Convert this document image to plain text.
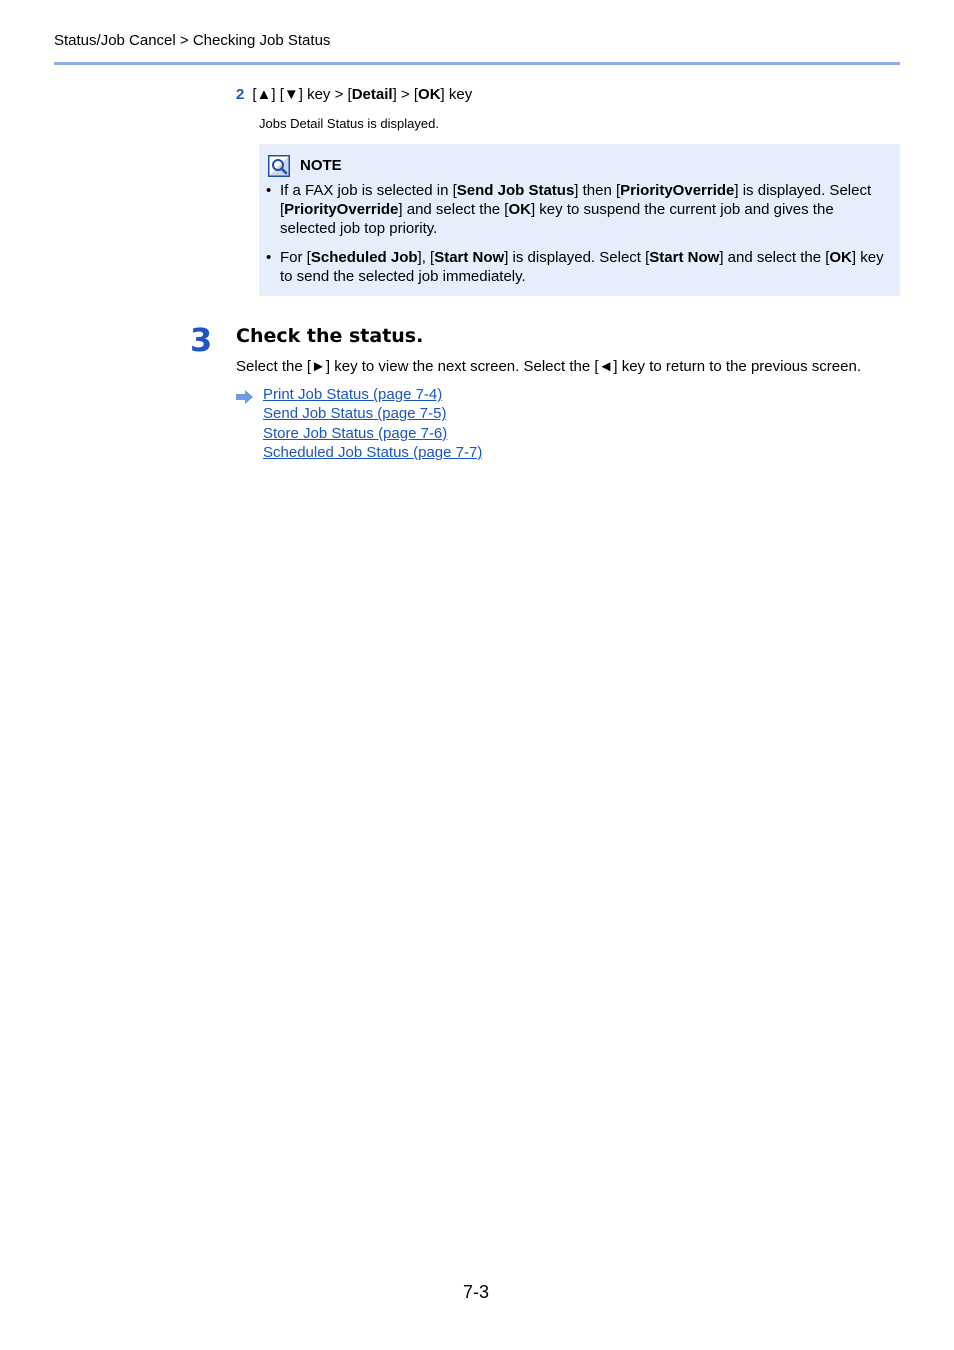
Status/Job Cancel > Checking Job Status
2 [▲] [▼] key > [Detail] > [OK] key
Jobs Detail Status is displayed.
NOTE
• If a FAX job is selected in [Send Job Status] then [PriorityOverride] is displayed. Select [PriorityOverride] and select the [OK] key to suspend the current job and gives the selected job top priority.
• For [Scheduled Job], [Start Now] is displayed. Select [Start Now] and select the [OK] key to send the selected job immediately.
3 Check the status.
Select the [►] key to view the next screen. Select the [◄] key to return to the previous screen.
Print Job Status (page 7-4)
Send Job Status (page 7-5)
Store Job Status (page 7-6)
Scheduled Job Status (page 7-7)
7-3
